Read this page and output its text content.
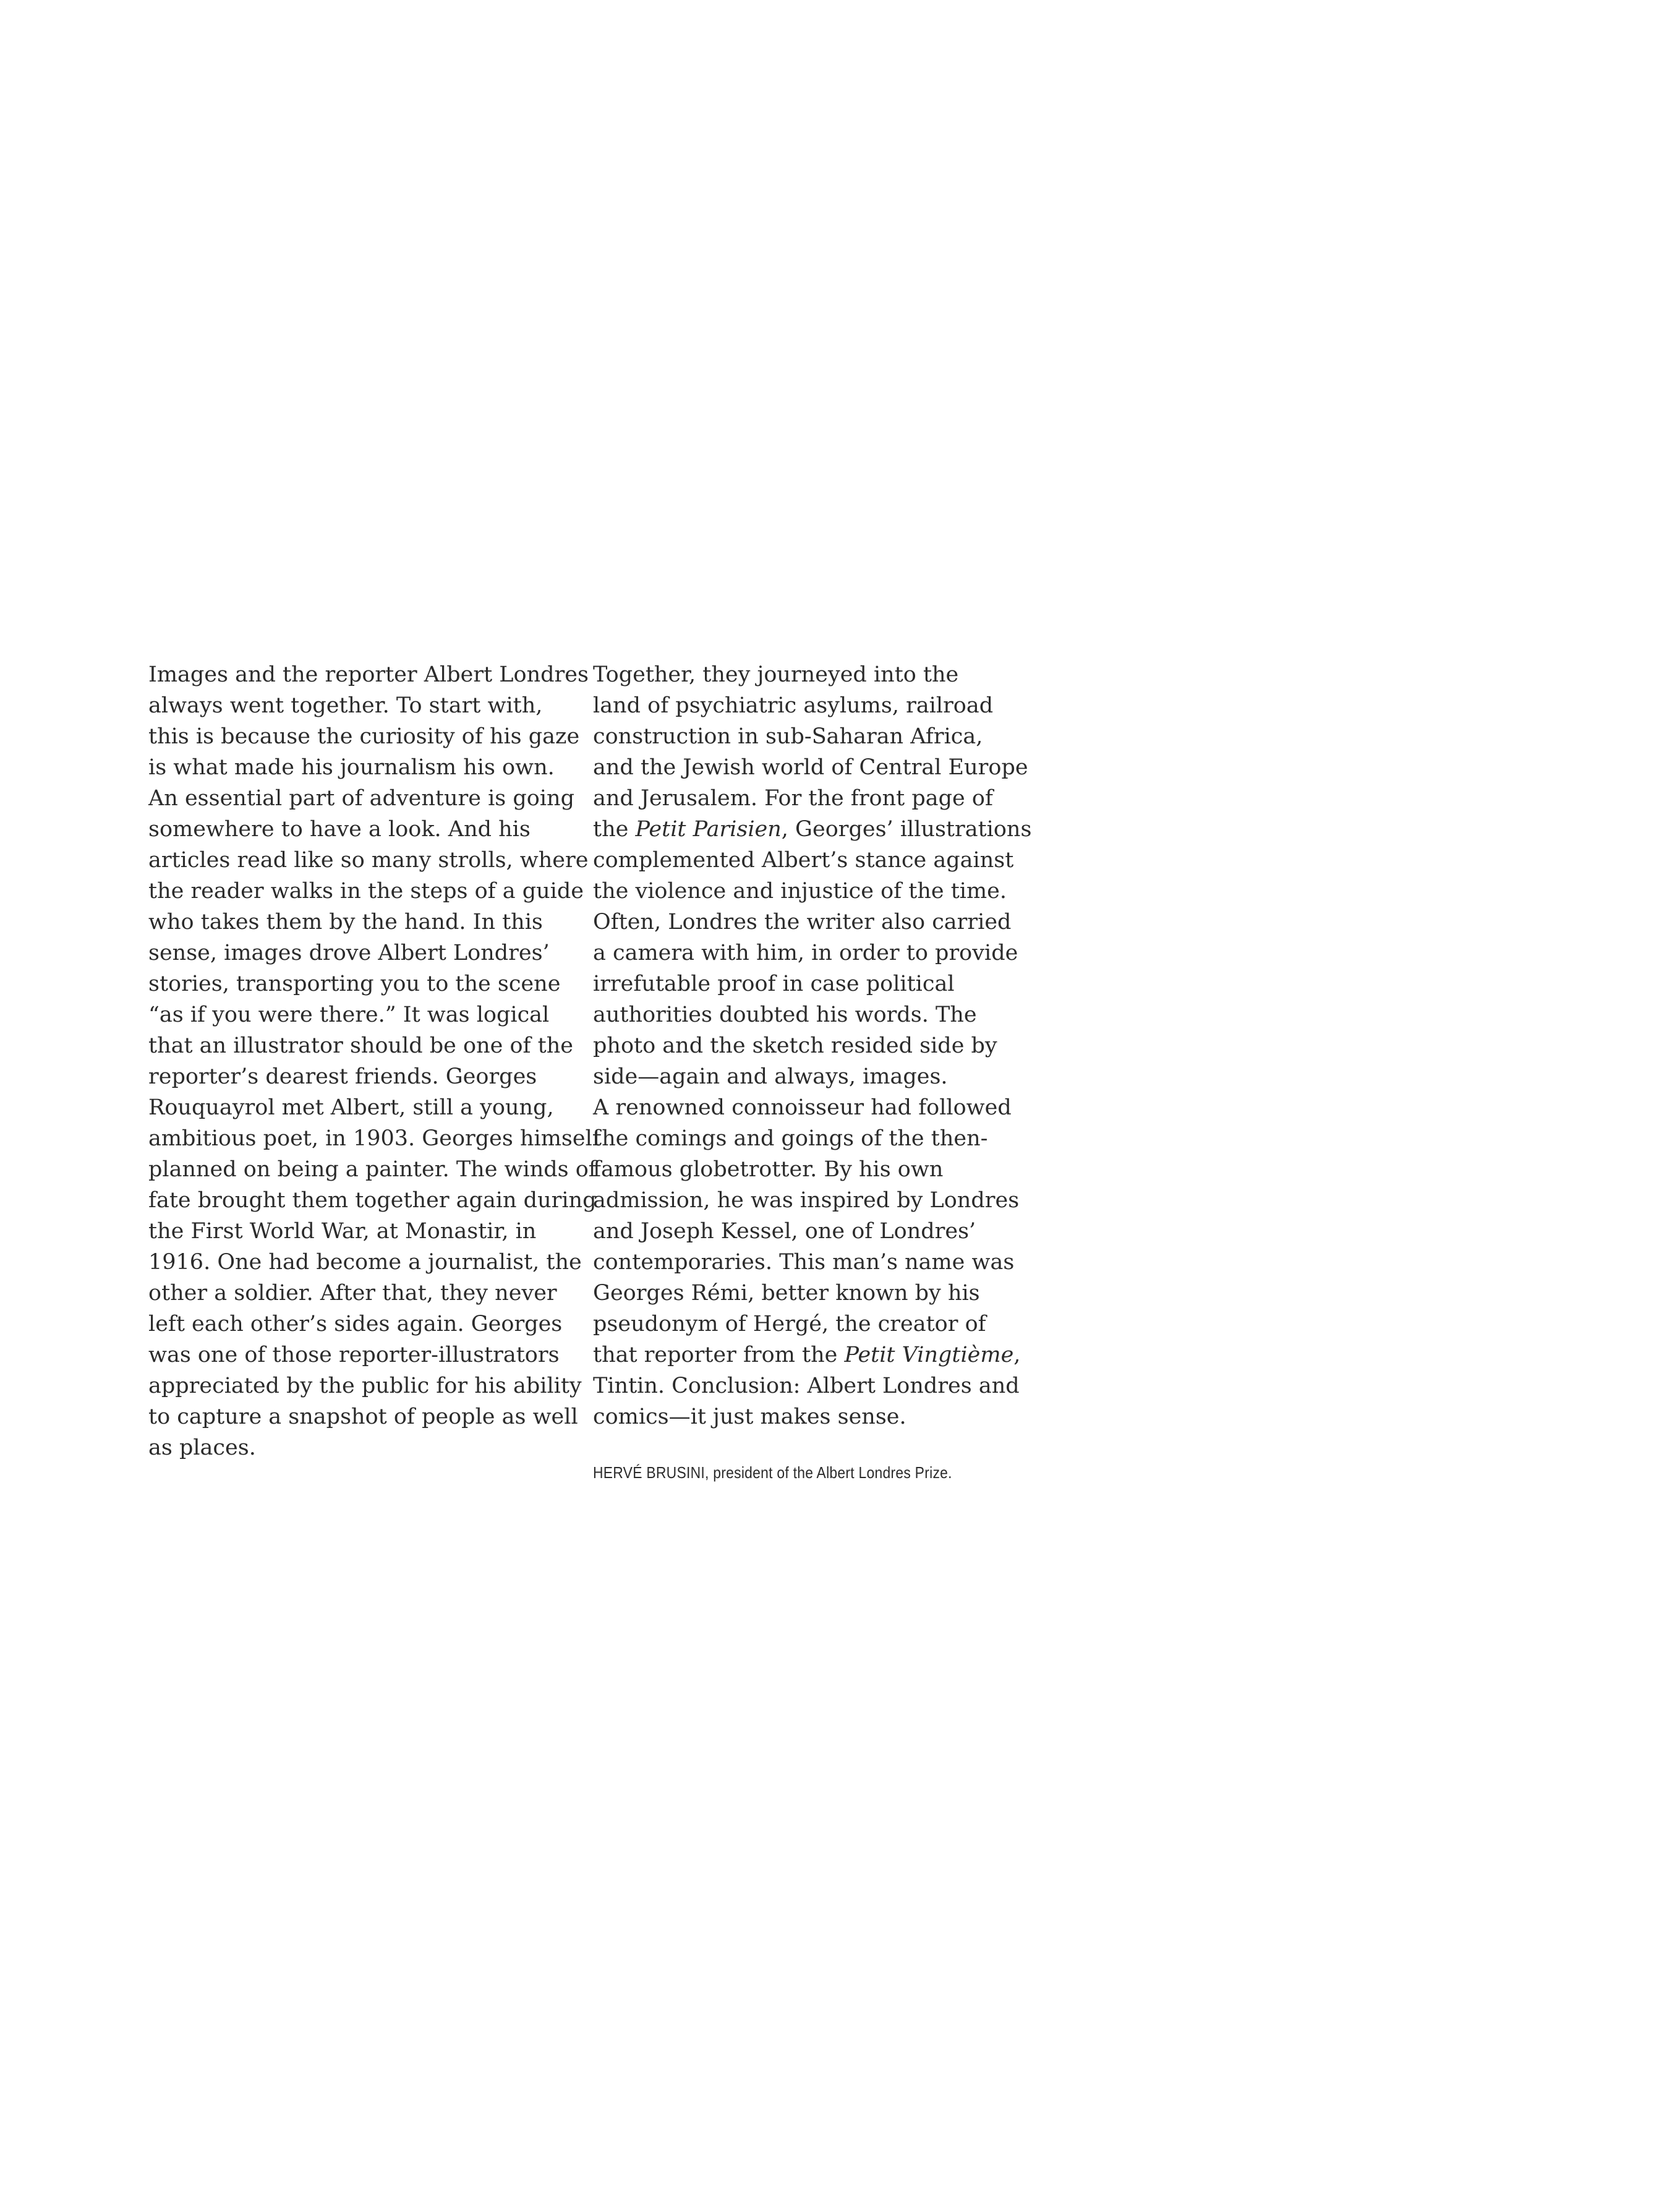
Images and the reporter Albert Londres
always went together. To start with,
this is because the curiosity of his gaze
is what made his journalism his own.
An essential part of adventure is going
somewhere to have a look. And his
articles read like so many strolls, where
the reader walks in the steps of a guide
who takes them by the hand. In this
sense, images drove Albert Londres’
stories, transporting you to the scene
“as if you were there.” It was logical
that an illustrator should be one of the
reporter’s dearest friends. Georges
Rouquayrol met Albert, still a young,
ambitious poet, in 1903. Georges himself
planned on being a painter. The winds of
fate brought them together again during
the First World War, at Monastir, in
1916. One had become a journalist, the
other a soldier. After that, they never
left each other’s sides again. Georges
was one of those reporter-illustrators
appreciated by the public for his ability
to capture a snapshot of people as well
as places.
Together, they journeyed into the
land of psychiatric asylums, railroad
construction in sub-Saharan Africa,
and the Jewish world of Central Europe
and Jerusalem. For the front page of
the Petit Parisien, Georges’ illustrations
complemented Albert’s stance against
the violence and injustice of the time.
Often, Londres the writer also carried
a camera with him, in order to provide
irrefutable proof in case political
authorities doubted his words. The
photo and the sketch resided side by
side—again and always, images.
A renowned connoisseur had followed
the comings and goings of the then-
famous globetrotter. By his own
admission, he was inspired by Londres
and Joseph Kessel, one of Londres’
contemporaries. This man’s name was
Georges Rémi, better known by his
pseudonym of Hergé, the creator of
that reporter from the Petit Vingtième,
Tintin. Conclusion: Albert Londres and
comics—it just makes sense.
HERVÉ BRUSINI, president of the Albert Londres Prize.
